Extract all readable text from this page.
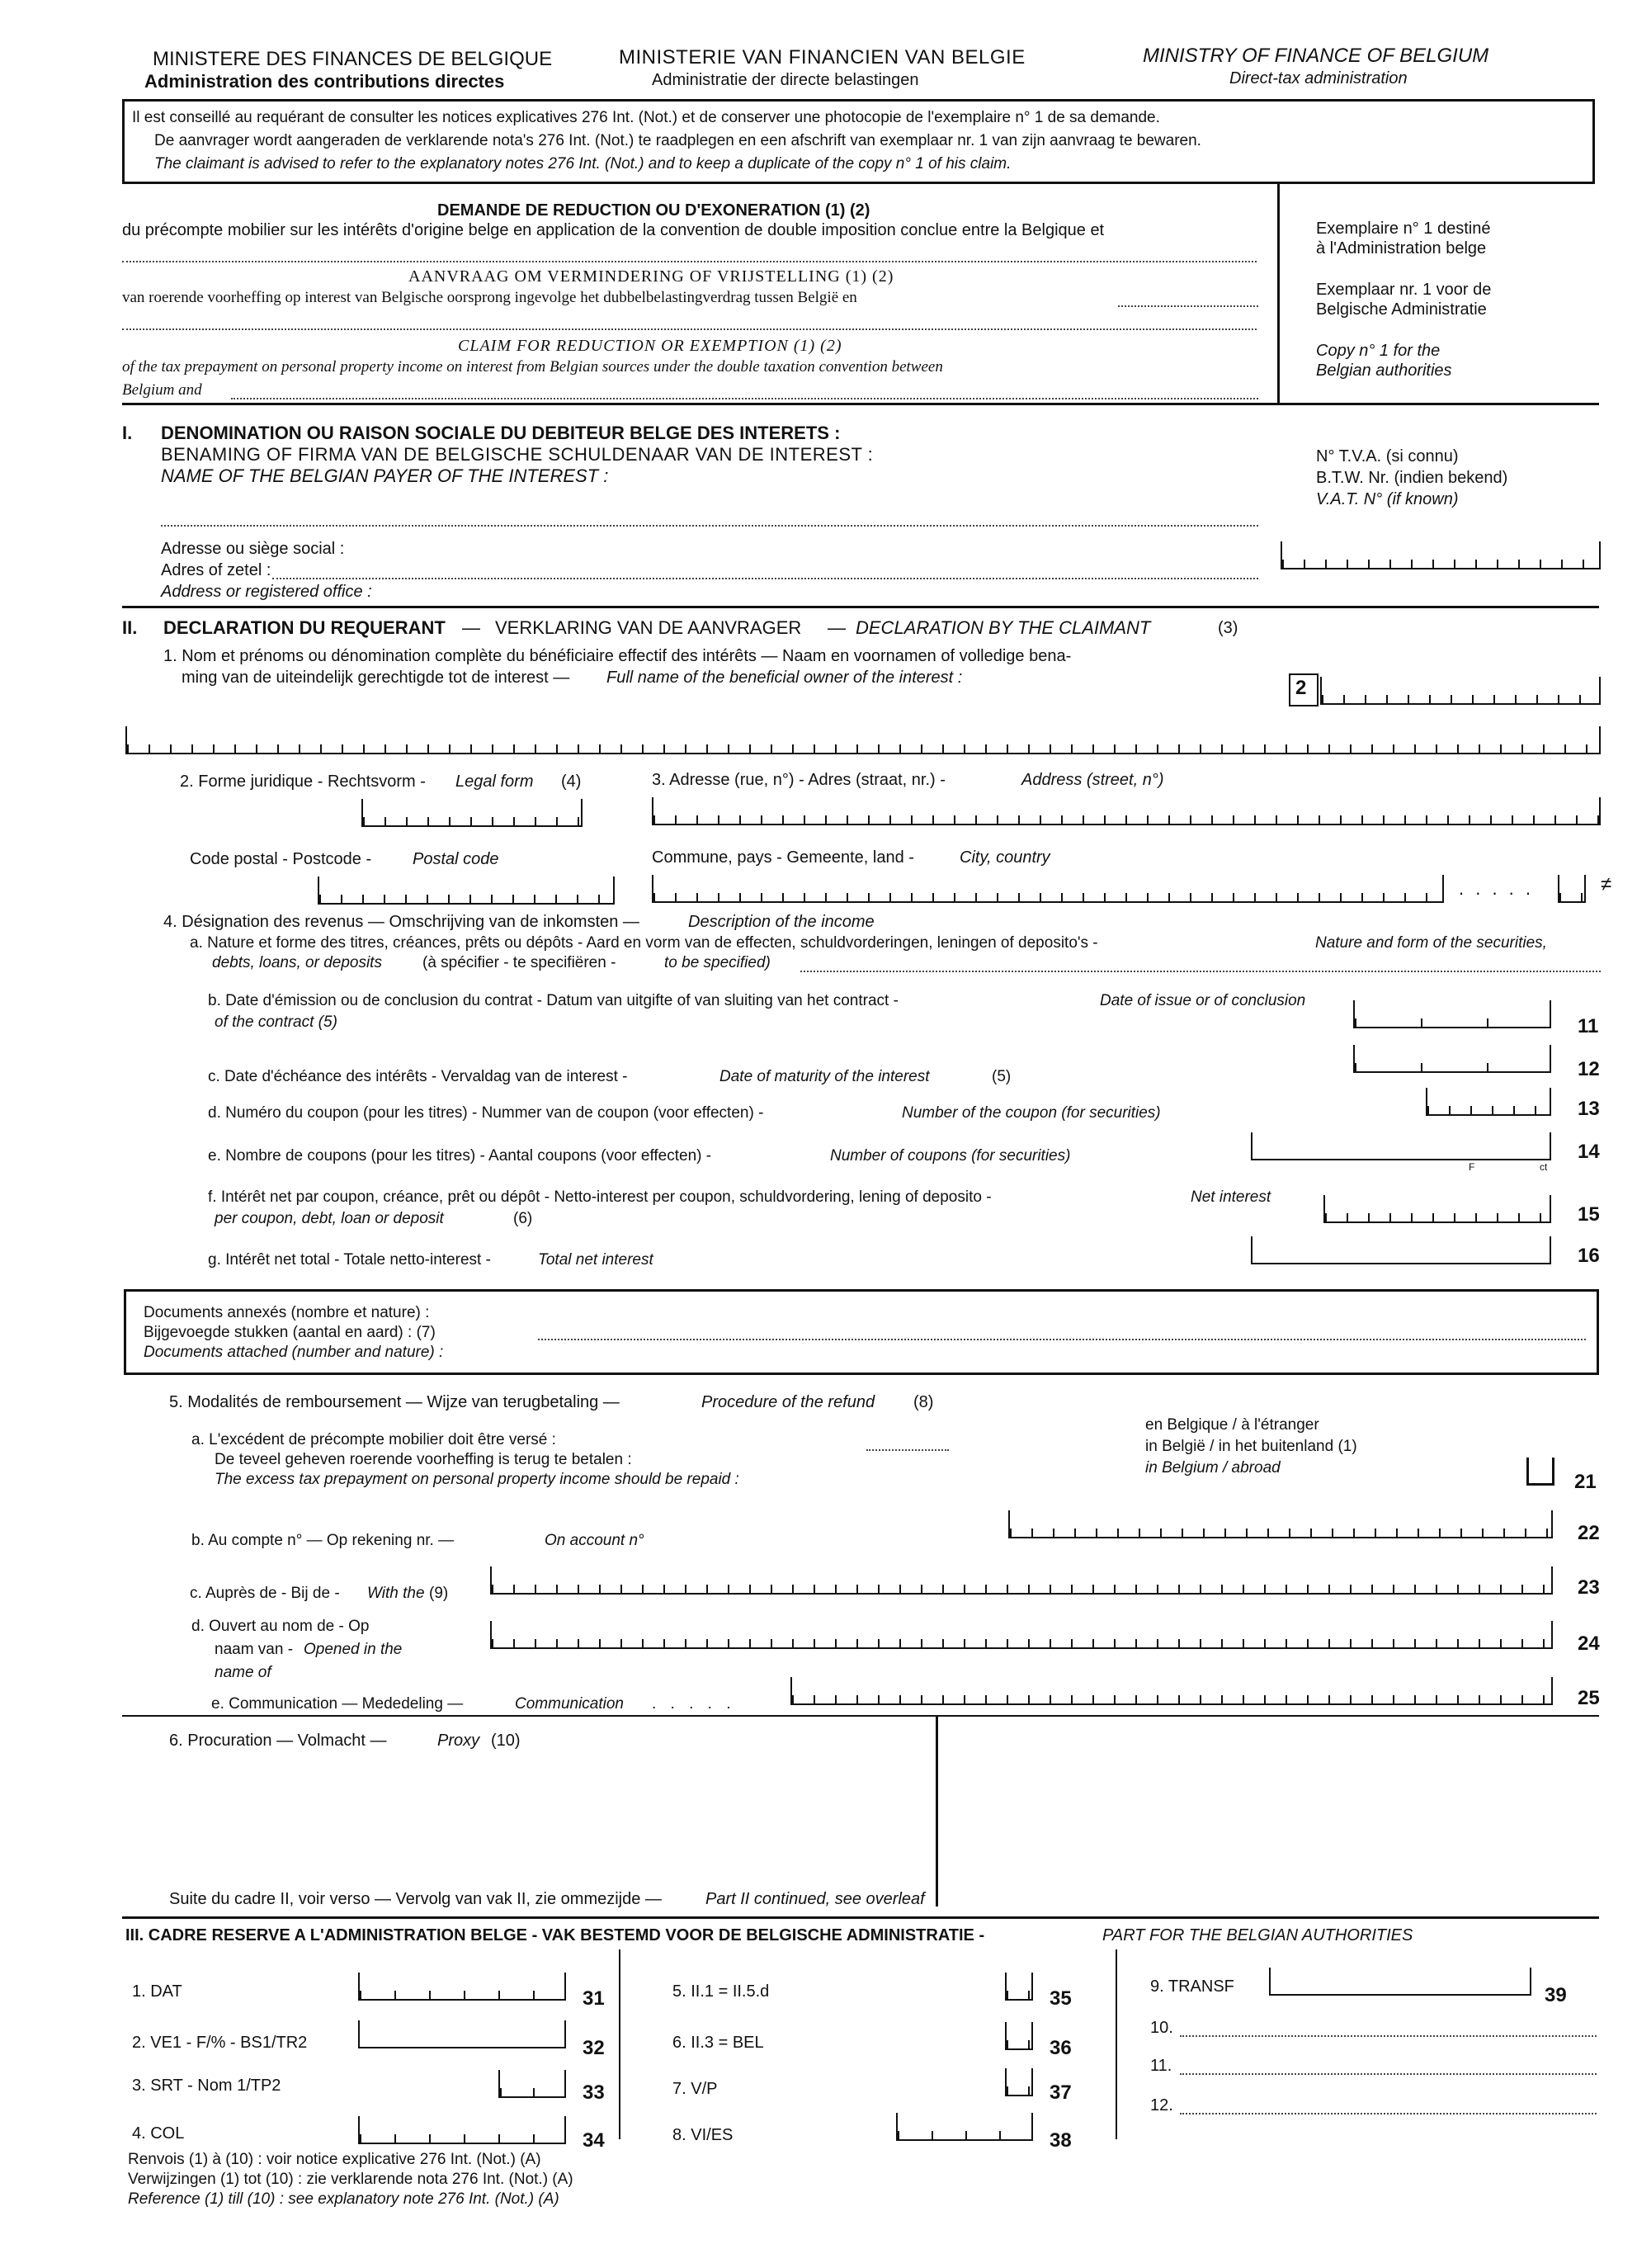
MINISTERE DES FINANCES DE BELGIQUE
Administration des contributions directes
MINISTERIE VAN FINANCIEN VAN BELGIE
Administratie der directe belastingen
MINISTRY OF FINANCE OF BELGIUM
Direct-tax administration
Il est conseillé au requérant de consulter les notices explicatives 276 Int. (Not.) et de conserver une photocopie de l'exemplaire n° 1 de sa demande.
De aanvrager wordt aangeraden de verklarende nota's 276 Int. (Not.) te raadplegen en een afschrift van exemplaar nr. 1 van zijn aanvraag te bewaren.
The claimant is advised to refer to the explanatory notes 276 Int. (Not.) and to keep a duplicate of the copy n° 1 of his claim.
DEMANDE DE REDUCTION OU D'EXONERATION (1) (2)
du précompte mobilier sur les intérêts d'origine belge en application de la convention de double imposition conclue entre la Belgique et
AANVRAAG OM VERMINDERING OF VRIJSTELLING (1) (2)
van roerende voorheffing op interest van Belgische oorsprong ingevolge het dubbelbelastingverdrag tussen België en
CLAIM FOR REDUCTION OR EXEMPTION (1) (2)
of the tax prepayment on personal property income on interest from Belgian sources under the double taxation convention between
Belgium and
Exemplaire n° 1 destiné
à l'Administration belge
Exemplaar nr. 1 voor de
Belgische Administratie
Copy n° 1 for the
Belgian authorities
I. DENOMINATION OU RAISON SOCIALE DU DEBITEUR BELGE DES INTERETS :
BENAMING OF FIRMA VAN DE BELGISCHE SCHULDENAAR VAN DE INTEREST :
NAME OF THE BELGIAN PAYER OF THE INTEREST :
N° T.V.A. (si connu)
B.T.W. Nr. (indien bekend)
V.A.T. N° (if known)
Adresse ou siège social :
Adres of zetel :
Address or registered office :
II. DECLARATION DU REQUERANT — VERKLARING VAN DE AANVRAGER — DECLARATION BY THE CLAIMANT	(3)
1. Nom et prénoms ou dénomination complète du bénéficiaire effectif des intérêts — Naam en voornamen of volledige bena-
ming van de uiteindelijk gerechtigde tot de interest — Full name of the beneficial owner of the interest :	2
2. Forme juridique - Rechtsvorm - Legal form (4)	3. Adresse (rue, n°) - Adres (straat, nr.) -	Address (street, n°)
Code postal - Postcode - Postal code	Commune, pays - Gemeente, land -	City, country
. . . . .	≠
4. Désignation des revenus — Omschrijving van de inkomsten —	Description of the income
a. Nature et forme des titres, créances, prêts ou dépôts - Aard en vorm van de effecten, schuldvorderingen, leningen of deposito's -	Nature and form of the securities,
debts, loans, or deposits	(à spécifier - te specifiëren -	to be specified)
b. Date d'émission ou de conclusion du contrat - Datum van uitgifte of van sluiting van het contract -	Date of issue or of conclusion
of the contract (5)	11
c. Date d'échéance des intérêts - Vervaldag van de interest -	Date of maturity of the interest	(5)	12
d. Numéro du coupon (pour les titres) - Nummer van de coupon (voor effecten) -	Number of the coupon (for securities)	13
e. Nombre de coupons (pour les titres) - Aantal coupons (voor effecten) -	Number of coupons (for securities)
F	ct
14
f. Intérêt net par coupon, créance, prêt ou dépôt - Netto-interest per coupon, schuldvordering, lening of deposito -	Net interest
per coupon, debt, loan or deposit	(6)	15
g. Intérêt net total - Totale netto-interest -	Total net interest	16
Documents annexés (nombre et nature) :
Bijgevoegde stukken (aantal en aard) : (7)
Documents attached (number and nature) :
5. Modalités de remboursement — Wijze van terugbetaling —	Procedure of the refund (8)
a. L'excédent de précompte mobilier doit être versé :
De teveel geheven roerende voorheffing is terug te betalen :
The excess tax prepayment on personal property income should be repaid :
en Belgique / à l'étranger
in België / in het buitenland (1)
in Belgium / abroad
21
b. Au compte n° — Op rekening nr. —	On account n°	22
c. Auprès de - Bij de - With the (9)	23
d. Ouvert au nom de - Op
naam van - Opened in the
name of
24
e. Communication — Mededeling —	Communication . . . . .	25
6. Procuration — Volmacht —	Proxy (10)
Suite du cadre II, voir verso — Vervolg van vak II, zie ommezijde —	Part II continued, see overleaf
III. CADRE RESERVE A L'ADMINISTRATION BELGE - VAK BESTEMD VOOR DE BELGISCHE ADMINISTRATIE -	PART FOR THE BELGIAN AUTHORITIES
1. DAT	31
2. VE1 - F/% - BS1/TR2	32
3. SRT - Nom 1/TP2	33
4. COL	34
5. II.1 = II.5.d	35
6. II.3 = BEL	36
7. V/P	37
8. VI/ES	38
9. TRANSF	39
10.
11.
12.
Renvois (1) à (10) : voir notice explicative 276 Int. (Not.) (A)
Verwijzingen (1) tot (10) : zie verklarende nota 276 Int. (Not.) (A)
Reference (1) till (10) : see explanatory note 276 Int. (Not.) (A)
